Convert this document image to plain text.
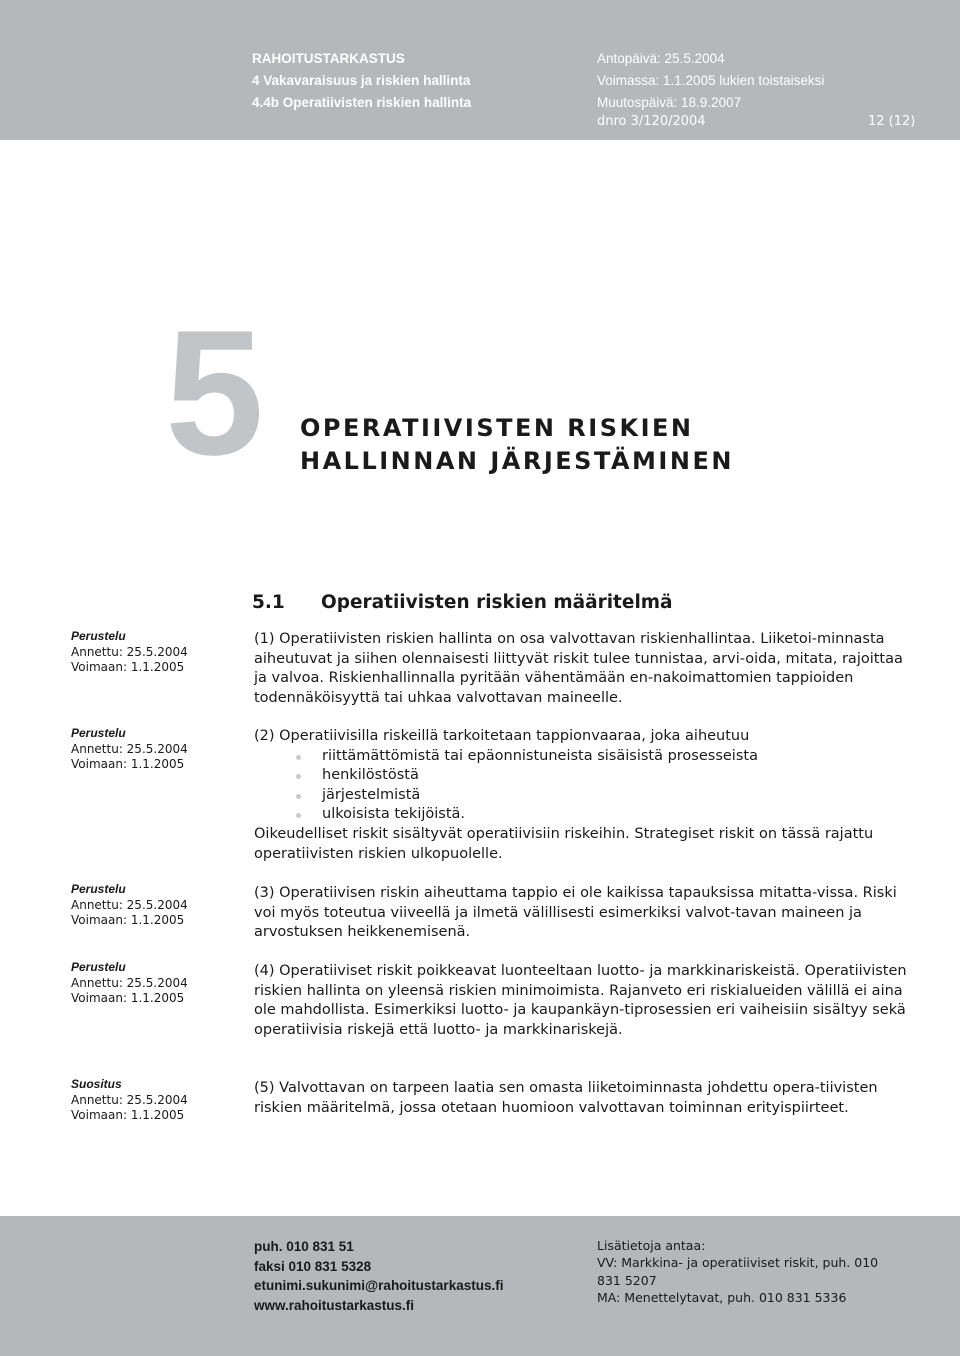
RAHOITUSTARKASTUS
4 Vakavaraisuus ja riskien hallinta
4.4b Operatiivisten riskien hallinta
Antopäivä: 25.5.2004
Voimassa: 1.1.2005 lukien toistaiseksi
Muutospäivä: 18.9.2007
dnro 3/120/2004	12 (12)
5 OPERATIIVISTEN RISKIEN
HALLINNAN JÄRJESTÄMINEN
5.1 Operatiivisten riskien määritelmä
Perustelu
Annettu: 25.5.2004
Voimaan: 1.1.2005
Perustelu
Annettu: 25.5.2004
Voimaan: 1.1.2005
Perustelu
Annettu: 25.5.2004
Voimaan: 1.1.2005
Perustelu
Annettu: 25.5.2004
Voimaan: 1.1.2005
Suositus
Annettu: 25.5.2004
Voimaan: 1.1.2005

(1) Operatiivisten riskien hallinta on osa valvottavan riskienhallintaa. Liiketoi-minnasta aiheutuvat ja siihen olennaisesti liittyvät riskit tulee tunnistaa, arvi-oida, mitata, rajoittaa ja valvoa. Riskienhallinnalla pyritään vähentämään en-nakoimattomien tappioiden todennäköisyyttä tai uhkaa valvottavan maineelle.

(2) Operatiivisilla riskeillä tarkoitetaan tappionvaaraa, joka aiheutuu

riittämättömistä tai epäonnistuneista sisäisistä prosesseista
henkilöstöstä
järjestelmistä
ulkoisista tekijöistä.

Oikeudelliset riskit sisältyvät operatiivisiin riskeihin. Strategiset riskit on tässä rajattu operatiivisten riskien ulkopuolelle.

(3) Operatiivisen riskin aiheuttama tappio ei ole kaikissa tapauksissa mitatta-vissa. Riski voi myös toteutua viiveellä ja ilmetä välillisesti esimerkiksi valvot-tavan maineen ja arvostuksen heikkenemisenä.

(4) Operatiiviset riskit poikkeavat luonteeltaan luotto- ja markkinariskeistä. Operatiivisten riskien hallinta on yleensä riskien minimoimista. Rajanveto eri riskialueiden välillä ei aina ole mahdollista. Esimerkiksi luotto- ja kaupankäyn-tiprosessien eri vaiheisiin sisältyy sekä operatiivisia riskejä että luotto- ja markkinariskejä.

(5) Valvottavan on tarpeen laatia sen omasta liiketoiminnasta johdettu opera-tiivisten riskien määritelmä, jossa otetaan huomioon valvottavan toiminnan erityispiirteet.

puh. 010 831 51
faksi 010 831 5328
etunimi.sukunimi@rahoitustarkastus.fi
www.rahoitustarkastus.fi
Lisätietoja antaa:
VV: Markkina- ja operatiiviset riskit, puh. 010 831 5207
MA: Menettelytavat, puh. 010 831 5336
